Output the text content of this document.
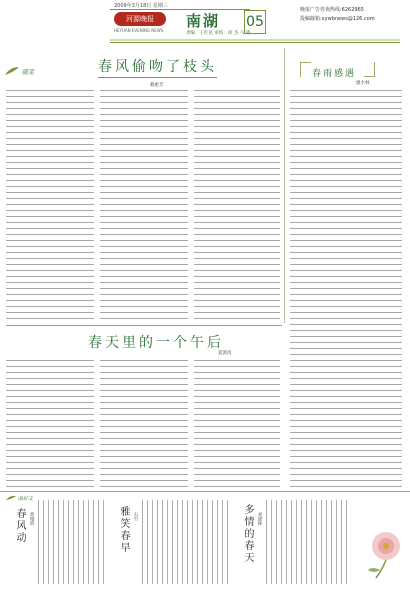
2009年3月18日 星期三
河源晚报
HEYUAN EVENING NEWS
南湖
责编：王红星 审校：徐 杰 马 晓
05
晚报广告咨询热线:6262965
投稿邮箱:xywbnews@126.com
随笔	春风偷吻了枝头
赖惠芳
春雨感遇
廖水林
春天里的一个午后
夏源清
品好文
春风动 黄城明	雅笑春早 石竹	多情的春天 刘建林
